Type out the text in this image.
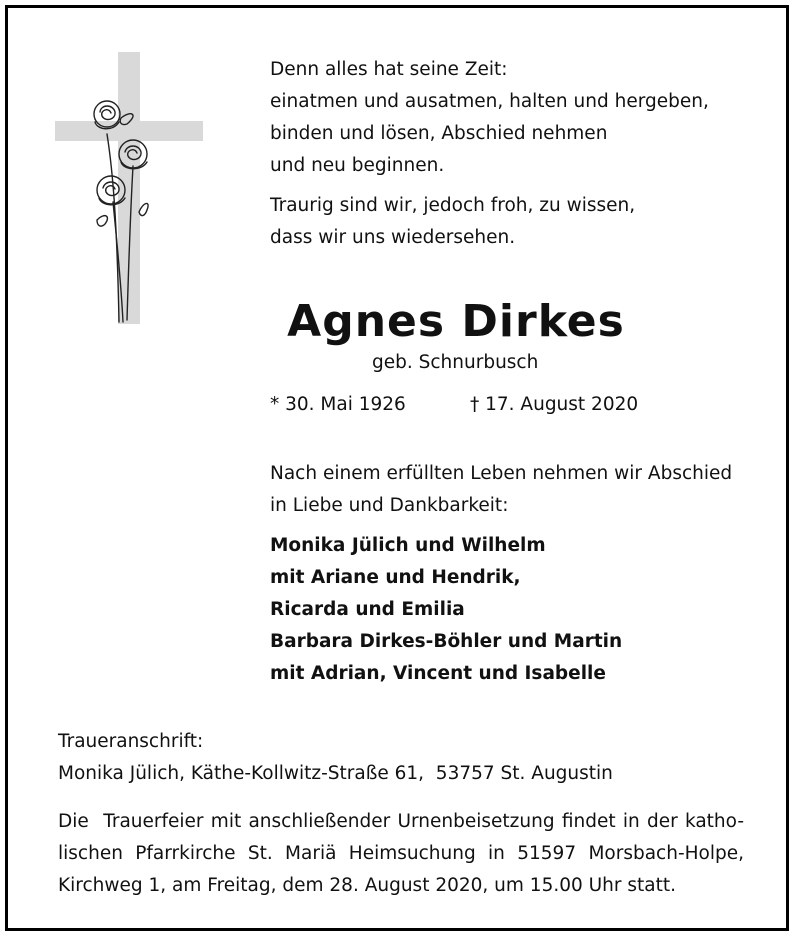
Denn alles hat seine Zeit:
einatmen und ausatmen, halten und hergeben,
binden und lösen, Abschied nehmen
und neu beginnen.
Traurig sind wir, jedoch froh, zu wissen,
dass wir uns wiedersehen.
Agnes Dirkes
geb. Schnurbusch
* 30. Mai 1926	† 17. August 2020
Nach einem erfüllten Leben nehmen wir Abschied
in Liebe und Dankbarkeit:
Monika Jülich und Wilhelm
mit Ariane und Hendrik,
Ricarda und Emilia
Barbara Dirkes-Böhler und Martin
mit Adrian, Vincent und Isabelle
Traueranschrift:
Monika Jülich, Käthe-Kollwitz-Straße 61,  53757 St. Augustin
Die  Trauerfeier mit anschließender Urnenbeisetzung findet in der katho-
lischen Pfarrkirche St. Mariä Heimsuchung in 51597 Morsbach-Holpe,
Kirchweg 1, am Freitag, dem 28. August 2020, um 15.00 Uhr statt.
